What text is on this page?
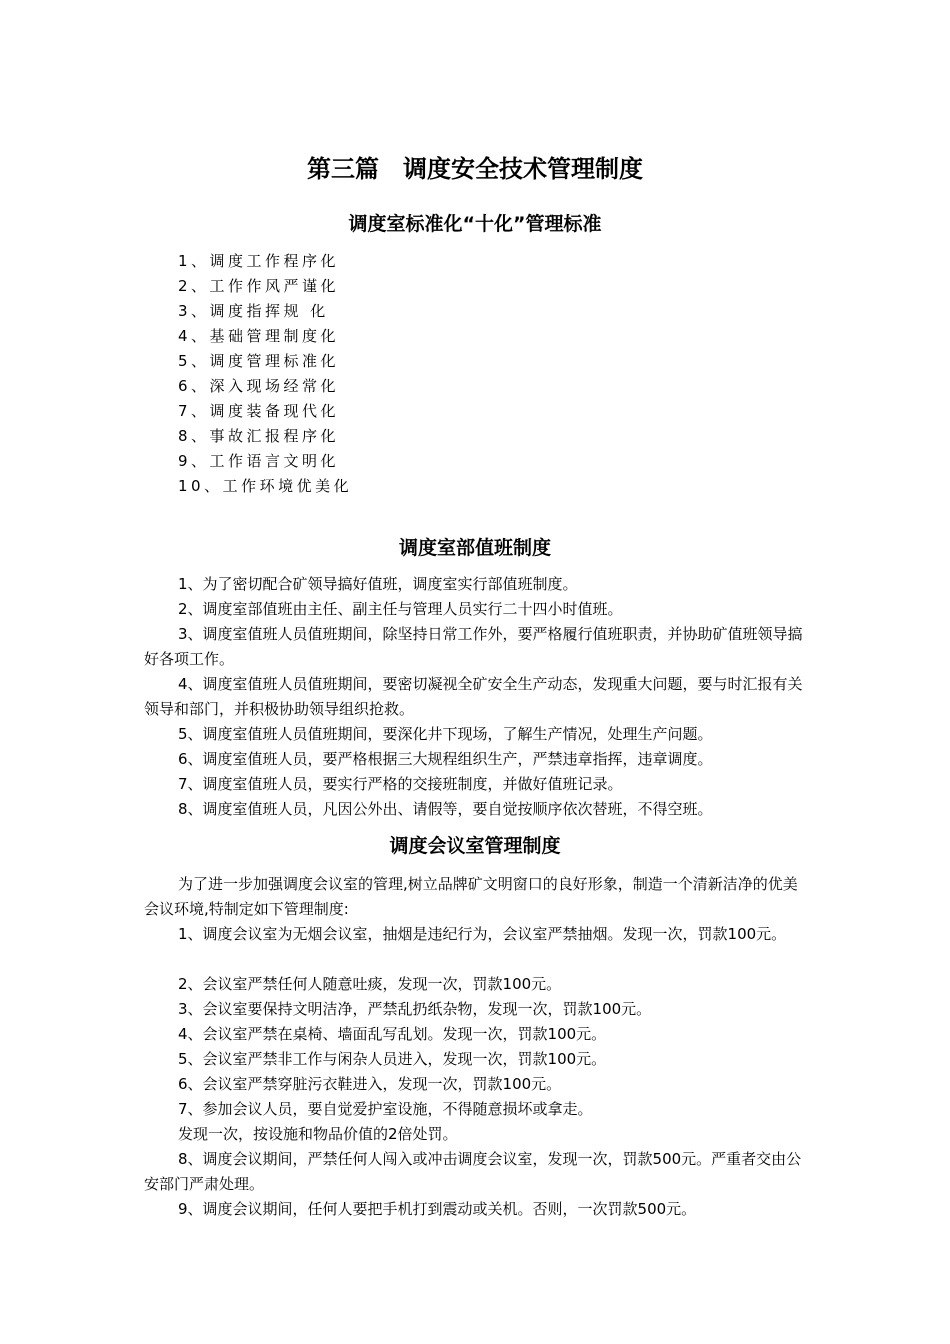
第三篇　调度安全技术管理制度
调度室标准化“十化”管理标准
1、调度工作程序化
2、工作作风严谨化
3、调度指挥规 化
4、基础管理制度化
5、调度管理标准化
6、深入现场经常化
7、调度装备现代化
8、事故汇报程序化
9、工作语言文明化
10、工作环境优美化
调度室部值班制度

1、为了密切配合矿领导搞好值班，调度室实行部值班制度。

2、调度室部值班由主任、副主任与管理人员实行二十四小时值班。

3、调度室值班人员值班期间，除坚持日常工作外，要严格履行值班职责，并协助矿值班领导搞好各项工作。

4、调度室值班人员值班期间，要密切凝视全矿安全生产动态，发现重大问题，要与时汇报有关领导和部门，并积极协助领导组织抢救。

5、调度室值班人员值班期间，要深化井下现场，了解生产情况，处理生产问题。

6、调度室值班人员，要严格根据三大规程组织生产，严禁违章指挥，违章调度。

7、调度室值班人员，要实行严格的交接班制度，并做好值班记录。

8、调度室值班人员，凡因公外出、请假等，要自觉按顺序依次替班，不得空班。

调度会议室管理制度

为了进一步加强调度会议室的管理,树立品牌矿文明窗口的良好形象，制造一个清新洁净的优美会议环境,特制定如下管理制度:

1、调度会议室为无烟会议室，抽烟是违纪行为，会议室严禁抽烟。发现一次，罚款100元。

2、会议室严禁任何人随意吐痰，发现一次，罚款100元。

3、会议室要保持文明洁净，严禁乱扔纸杂物，发现一次，罚款100元。

4、会议室严禁在桌椅、墙面乱写乱划。发现一次，罚款100元。

5、会议室严禁非工作与闲杂人员进入，发现一次，罚款100元。

6、会议室严禁穿脏污衣鞋进入，发现一次，罚款100元。

7、参加会议人员，要自觉爱护室设施，不得随意损坏或拿走。

发现一次，按设施和物品价值的2倍处罚。

8、调度会议期间，严禁任何人闯入或冲击调度会议室，发现一次，罚款500元。严重者交由公安部门严肃处理。

9、调度会议期间，任何人要把手机打到震动或关机。否则，一次罚款500元。
